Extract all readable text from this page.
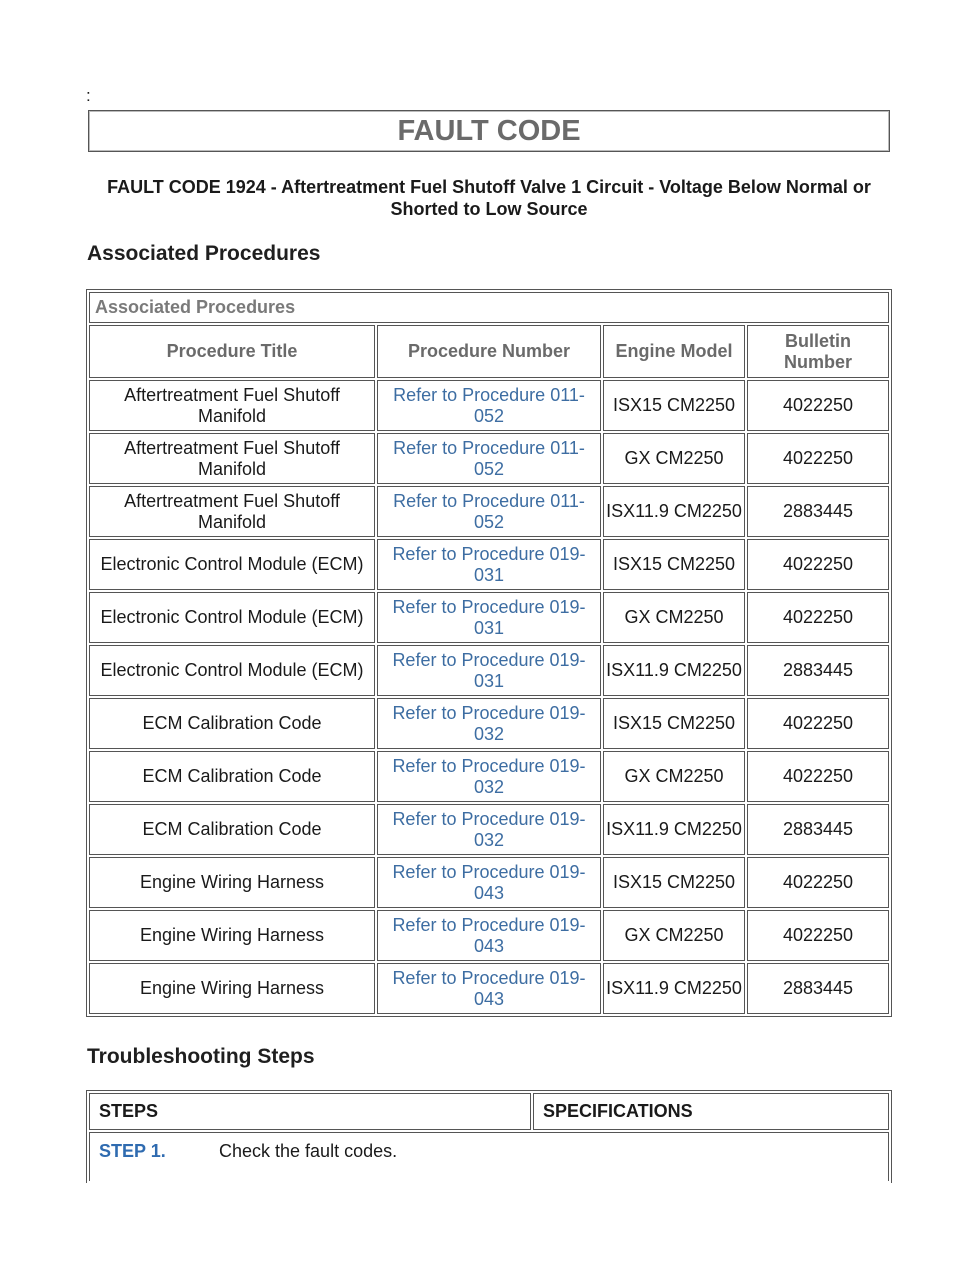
:
FAULT CODE
FAULT CODE 1924 - Aftertreatment Fuel Shutoff Valve 1 Circuit - Voltage Below Normal or Shorted to Low Source
Associated Procedures
Associated Procedures			
Procedure Title	Procedure Number	Engine Model	Bulletin Number
Aftertreatment Fuel Shutoff Manifold	Refer to Procedure 011-052	ISX15 CM2250	4022250
Aftertreatment Fuel Shutoff Manifold	Refer to Procedure 011-052	GX CM2250	4022250
Aftertreatment Fuel Shutoff Manifold	Refer to Procedure 011-052	ISX11.9 CM2250	2883445
Electronic Control Module (ECM)	Refer to Procedure 019-031	ISX15 CM2250	4022250
Electronic Control Module (ECM)	Refer to Procedure 019-031	GX CM2250	4022250
Electronic Control Module (ECM)	Refer to Procedure 019-031	ISX11.9 CM2250	2883445
ECM Calibration Code	Refer to Procedure 019-032	ISX15 CM2250	4022250
ECM Calibration Code	Refer to Procedure 019-032	GX CM2250	4022250
ECM Calibration Code	Refer to Procedure 019-032	ISX11.9 CM2250	2883445
Engine Wiring Harness	Refer to Procedure 019-043	ISX15 CM2250	4022250
Engine Wiring Harness	Refer to Procedure 019-043	GX CM2250	4022250
Engine Wiring Harness	Refer to Procedure 019-043	ISX11.9 CM2250	2883445
Troubleshooting Steps
STEPS	SPECIFICATIONS
STEP 1.	Check the fault codes.
